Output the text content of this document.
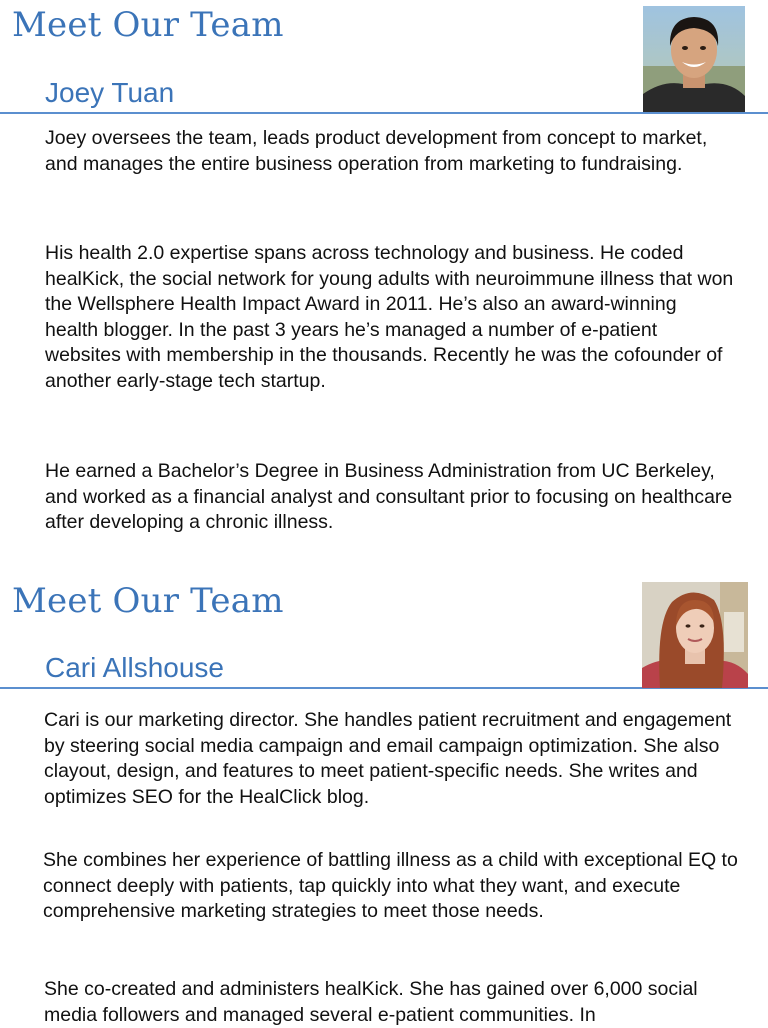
Meet Our Team
Joey Tuan

Joey oversees the team, leads product development from concept to market, and manages the entire business operation from marketing to fundraising.

His health 2.0 expertise spans across technology and business. He coded healKick, the social network for young adults with neuroimmune illness that won the Wellsphere Health Impact Award in 2011. He’s also an award-winning health blogger. In the past 3 years he’s managed a number of e-patient websites with membership in the thousands. Recently he was the cofounder of another early-stage tech startup.

He earned a Bachelor’s Degree in Business Administration from UC Berkeley, and worked as a financial analyst and consultant prior to focusing on healthcare after developing a chronic illness.

Meet Our Team
Cari Allshouse

Cari is our marketing director. She handles patient recruitment and engagement by steering social media campaign and email campaign optimization. She also clayout, design, and features to meet patient-specific needs. She writes and optimizes SEO for the HealClick blog.

She combines her experience of battling illness as a child with exceptional EQ to connect deeply with patients, tap quickly into what they want, and execute comprehensive marketing strategies to meet those needs.

She co-created and administers healKick. She has gained over 6,000 social media followers and managed several e-patient communities. In
